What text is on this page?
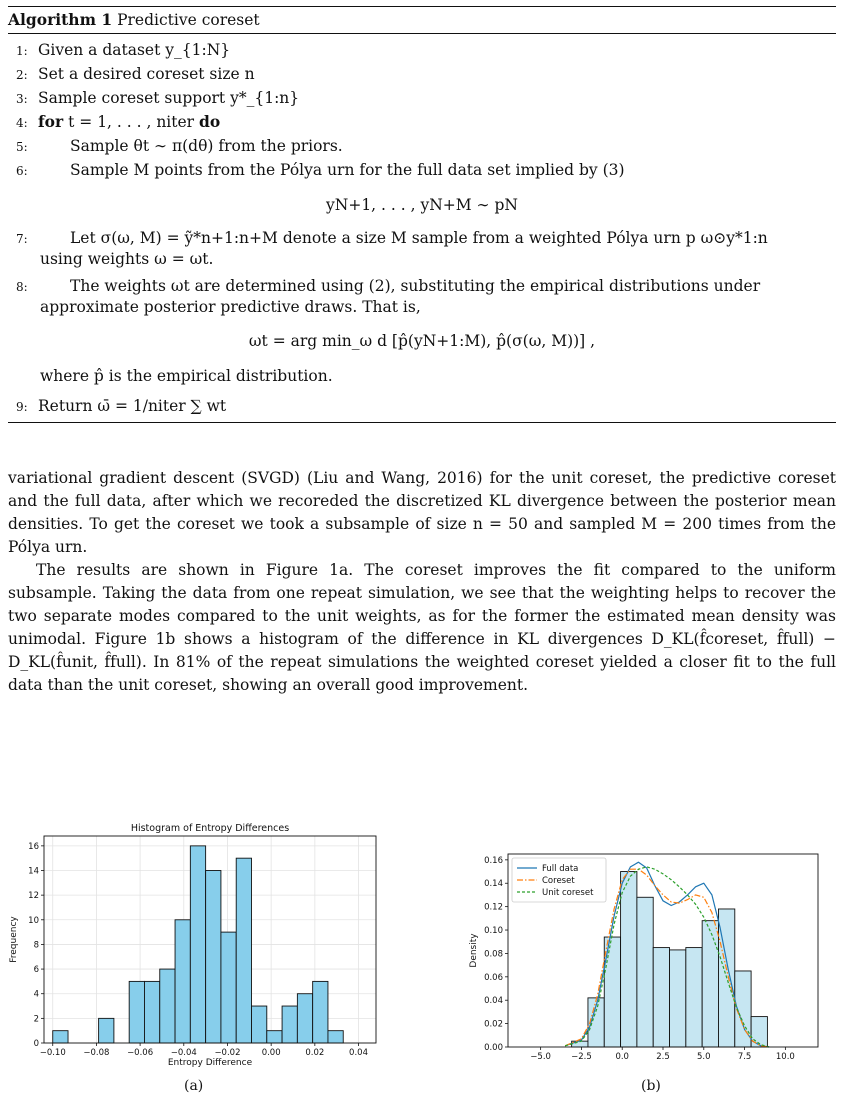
Algorithm 1 Predictive coreset
1: Given a dataset y_{1:N}
2: Set a desired coreset size n
3: Sample coreset support y*_{1:n}
4: for t = 1, . . . , niter do
5:	Sample θt ∼ π(dθ) from the priors.
6:	Sample M points from the Pólya urn for the full data set implied by (3)
yN+1, . . . , yN+M ∼ pN
7:	Let σ(ω, M) = ỹ*n+1:n+M denote a size M sample from a weighted Pólya urn p ω⊙y*1:n
using weights ω = ωt.
8:	The weights ωt are determined using (2), substituting the empirical distributions under
approximate posterior predictive draws. That is,
ωt = arg min_ω d [p̂(yN+1:M), p̂(σ(ω, M))] ,
where p̂ is the empirical distribution.
9: Return ω̄ = 1/niter ∑ wt

variational gradient descent (SVGD) (Liu and Wang, 2016) for the unit coreset, the predictive coreset and the full data, after which we recoreded the discretized KL divergence between the posterior mean densities. To get the coreset we took a subsample of size n = 50 and sampled M = 200 times from the Pólya urn.

The results are shown in Figure 1a. The coreset improves the fit compared to the uniform subsample. Taking the data from one repeat simulation, we see that the weighting helps to recover the two separate modes compared to the unit weights, as for the former the estimated mean density was unimodal. Figure 1b shows a histogram of the difference in KL divergences D_KL(f̂coreset, f̂full) − D_KL(f̂unit, f̂full). In 81% of the repeat simulations the weighted coreset yielded a closer fit to the full data than the unit coreset, showing an overall good improvement.

−0.10 −0.08 −0.06 −0.04 −0.02 0.00	0.02	0.04
0
2
4
6
8
10
12
14
16
Histogram of Entropy Differences
Entropy Difference
Frequency
−5.0 −2.5	0.0	2.5	5.0	7.5	10.0
0.00
0.02
0.04
0.06
0.08
0.10
0.12
0.14
0.16
Density
Full data
Coreset
Unit coreset
(a)	(b)
